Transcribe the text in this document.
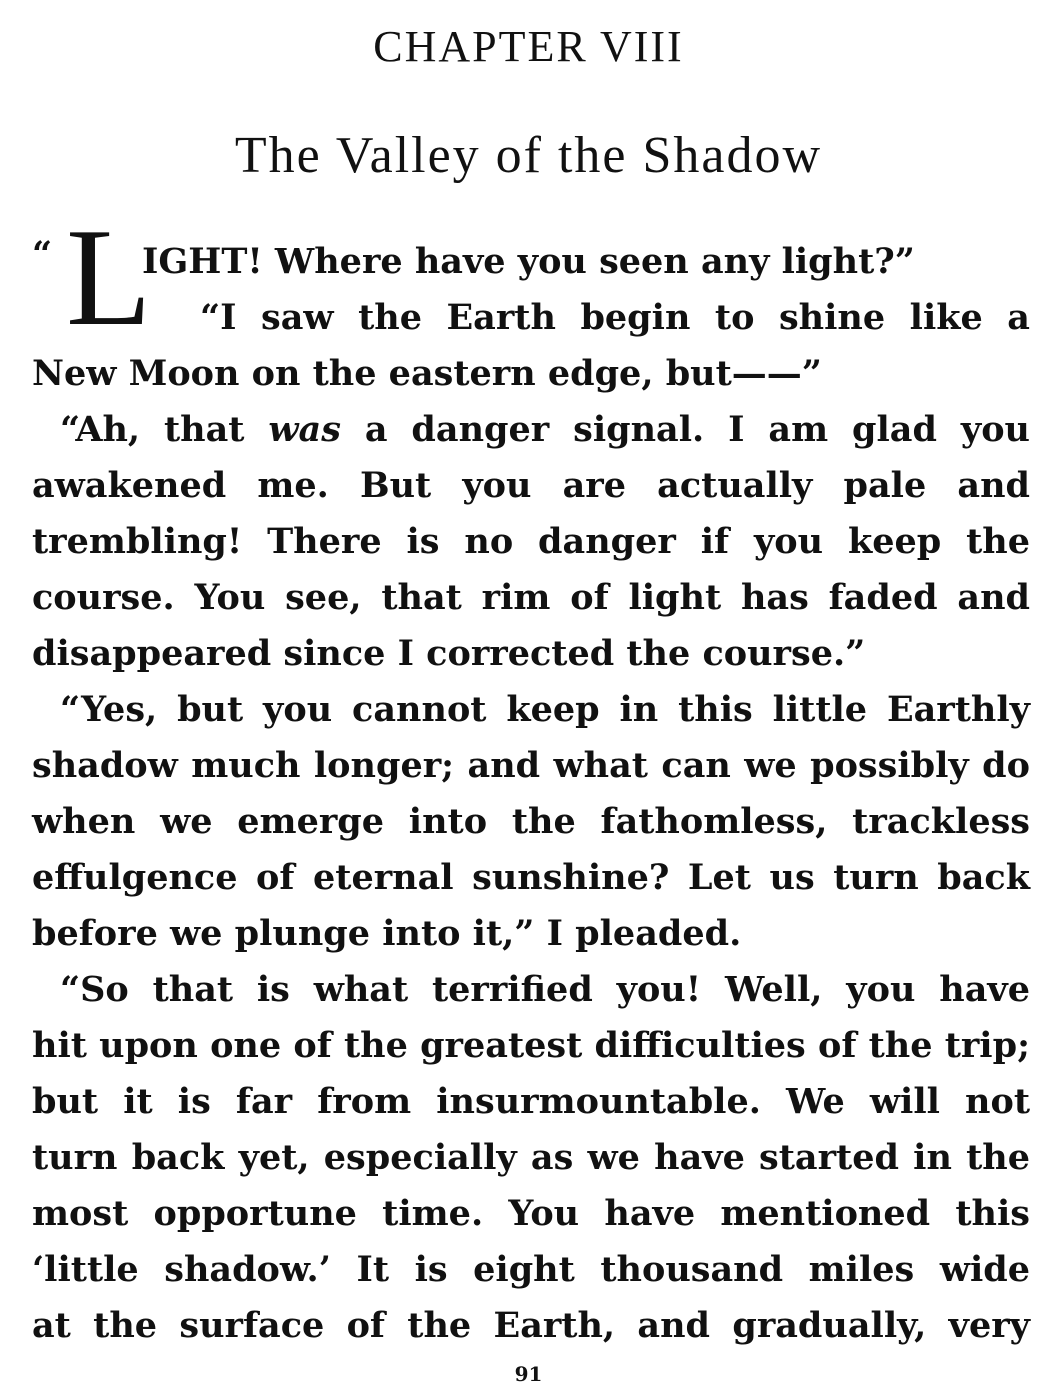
CHAPTER VIII
The Valley of the Shadow
“ L
IGHT! Where have you seen any light?”
“I saw the Earth begin to shine like a
New Moon on the eastern edge, but——”
“Ah, that was a danger signal. I am glad you
awakened me. But you are actually pale and
trembling! There is no danger if you keep the
course. You see, that rim of light has faded and
disappeared since I corrected the course.”
“Yes, but you cannot keep in this little Earthly
shadow much longer; and what can we possibly do
when we emerge into the fathomless, trackless
effulgence of eternal sunshine? Let us turn back
before we plunge into it,” I pleaded.
“So that is what terrified you! Well, you have
hit upon one of the greatest difficulties of the trip;
but it is far from insurmountable. We will not
turn back yet, especially as we have started in the
most opportune time. You have mentioned this
‘little shadow.’ It is eight thousand miles wide
at the surface of the Earth, and gradually, very
91
